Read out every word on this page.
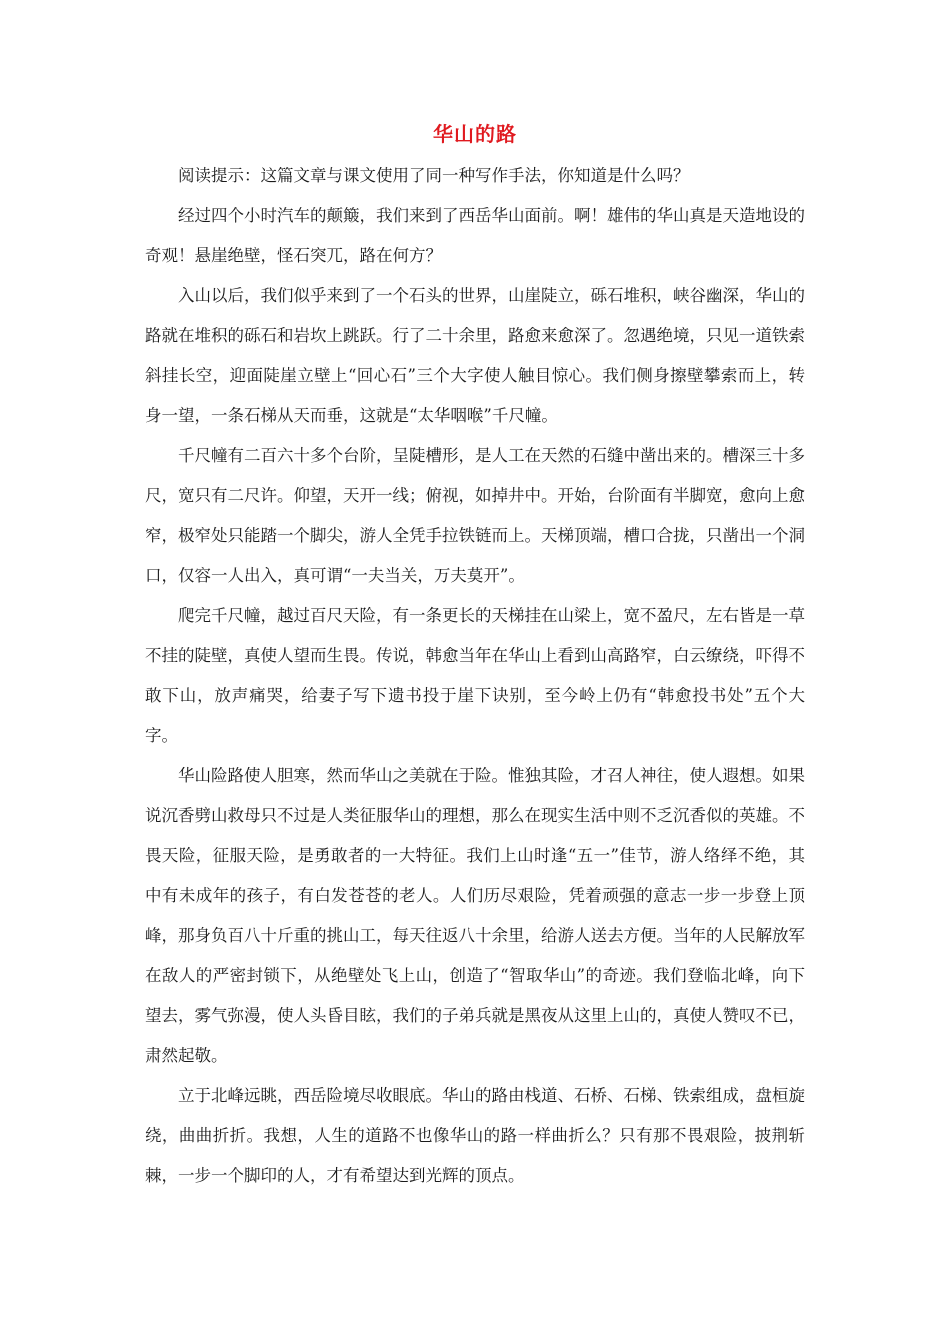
华山的路

阅读提示：这篇文章与课文使用了同一种写作手法，你知道是什么吗？

经过四个小时汽车的颠簸，我们来到了西岳华山面前。啊！雄伟的华山真是天造地设的奇观！悬崖绝壁，怪石突兀，路在何方？

入山以后，我们似乎来到了一个石头的世界，山崖陡立，砾石堆积，峡谷幽深，华山的路就在堆积的砾石和岩坎上跳跃。行了二十余里，路愈来愈深了。忽遇绝境，只见一道铁索斜挂长空，迎面陡崖立壁上“回心石”三个大字使人触目惊心。我们侧身擦壁攀索而上，转身一望，一条石梯从天而垂，这就是“太华咽喉”千尺幢。

千尺幢有二百六十多个台阶，呈陡槽形，是人工在天然的石缝中凿出来的。槽深三十多尺，宽只有二尺许。仰望，天开一线；俯视，如掉井中。开始，台阶面有半脚宽，愈向上愈窄，极窄处只能踏一个脚尖，游人全凭手拉铁链而上。天梯顶端，槽口合拢，只凿出一个洞口，仅容一人出入，真可谓“一夫当关，万夫莫开”。

爬完千尺幢，越过百尺天险，有一条更长的天梯挂在山梁上，宽不盈尺，左右皆是一草不挂的陡壁，真使人望而生畏。传说，韩愈当年在华山上看到山高路窄，白云缭绕，吓得不敢下山，放声痛哭，给妻子写下遗书投于崖下诀别，至今岭上仍有“韩愈投书处”五个大字。

华山险路使人胆寒，然而华山之美就在于险。惟独其险，才召人神往，使人遐想。如果说沉香劈山救母只不过是人类征服华山的理想，那么在现实生活中则不乏沉香似的英雄。不畏天险，征服天险，是勇敢者的一大特征。我们上山时逢“五一”佳节，游人络绎不绝，其中有未成年的孩子，有白发苍苍的老人。人们历尽艰险，凭着顽强的意志一步一步登上顶峰，那身负百八十斤重的挑山工，每天往返八十余里，给游人送去方便。当年的人民解放军在敌人的严密封锁下，从绝壁处飞上山，创造了“智取华山”的奇迹。我们登临北峰，向下望去，雾气弥漫，使人头昏目眩，我们的子弟兵就是黑夜从这里上山的，真使人赞叹不已，肃然起敬。

立于北峰远眺，西岳险境尽收眼底。华山的路由栈道、石桥、石梯、铁索组成，盘桓旋绕，曲曲折折。我想，人生的道路不也像华山的路一样曲折么？只有那不畏艰险，披荆斩棘，一步一个脚印的人，才有希望达到光辉的顶点。
